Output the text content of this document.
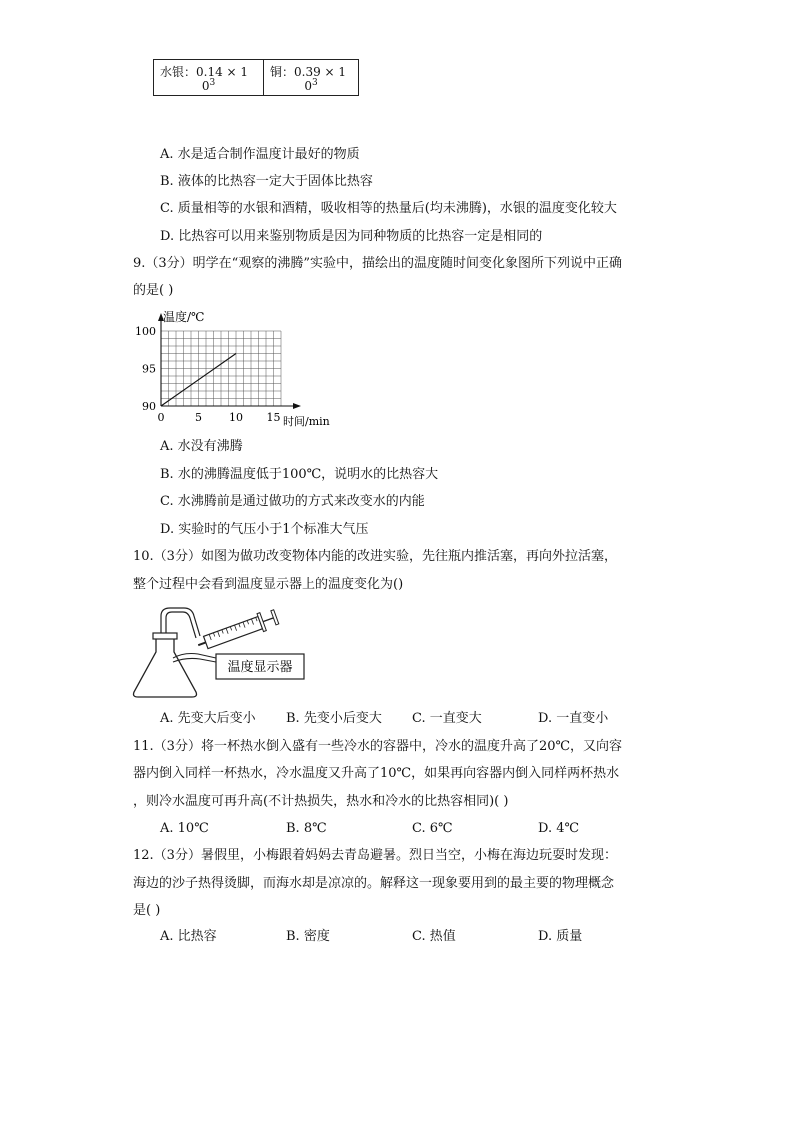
水银：0.14 × 1
$0^3$
铜：0.39 × 1
$0^3$
A. 水是适合制作温度计最好的物质
B. 液体的比热容一定大于固体比热容
C. 质量相等的水银和酒精，吸收相等的热量后(均未沸腾)，水银的温度变化较大
D. 比热容可以用来鉴别物质是因为同种物质的比热容一定是相同的
9.（3分）明学在“观察的沸腾”实验中，描绘出的温度随时间变化象图所下列说中正确
的是( )
0	5 10 15
90
95
100
温度/℃
时间/min
A. 水没有沸腾
B. 水的沸腾温度低于100℃，说明水的比热容大
C. 水沸腾前是通过做功的方式来改变水的内能
D. 实验时的气压小于1个标准大气压
10.（3分）如图为做功改变物体内能的改进实验，先往瓶内推活塞，再向外拉活塞，
整个过程中会看到温度显示器上的温度变化为()
温度显示器
A. 先变大后变小 B. 先变小后变大 C. 一直变大	D. 一直变小
11.（3分）将一杯热水倒入盛有一些冷水的容器中，冷水的温度升高了20℃，又向容
器内倒入同样一杯热水，冷水温度又升高了10℃，如果再向容器内倒入同样两杯热水
，则冷水温度可再升高(不计热损失，热水和冷水的比热容相同)( )
A. 10℃	B. 8℃	C. 6℃	D. 4℃
12.（3分）暑假里，小梅跟着妈妈去青岛避暑。烈日当空，小梅在海边玩耍时发现：
海边的沙子热得烫脚，而海水却是凉凉的。解释这一现象要用到的最主要的物理概念
是( )
A. 比热容	B. 密度	C. 热值	D. 质量
